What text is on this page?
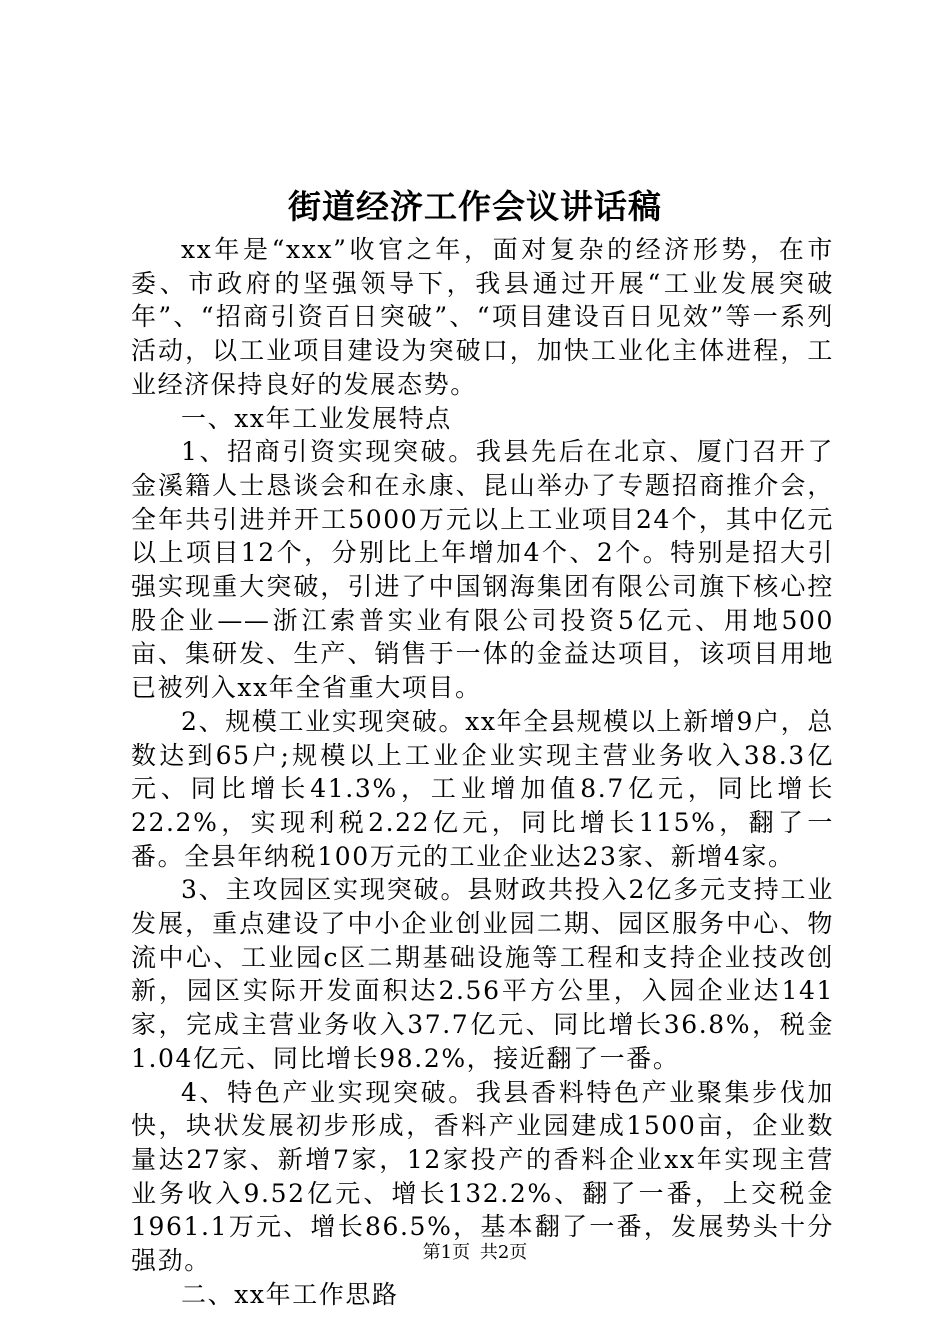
街道经济工作会议讲话稿

xx年是“xxx”收官之年，面对复杂的经济形势，在市委、市政府的坚强领导下，我县通过开展“工业发展突破年”、“招商引资百日突破”、“项目建设百日见效”等一系列活动，以工业项目建设为突破口，加快工业化主体进程，工业经济保持良好的发展态势。

一、xx年工业发展特点

1、招商引资实现突破。我县先后在北京、厦门召开了金溪籍人士恳谈会和在永康、昆山举办了专题招商推介会，全年共引进并开工5000万元以上工业项目24个，其中亿元以上项目12个，分别比上年增加4个、2个。特别是招大引强实现重大突破，引进了中国钢海集团有限公司旗下核心控股企业——浙江索普实业有限公司投资5亿元、用地500亩、集研发、生产、销售于一体的金益达项目，该项目用地已被列入xx年全省重大项目。

2、规模工业实现突破。xx年全县规模以上新增9户，总数达到65户;规模以上工业企业实现主营业务收入38.3亿元、同比增长41.3%，工业增加值8.7亿元，同比增长22.2%，实现利税2.22亿元，同比增长115%，翻了一番。全县年纳税100万元的工业企业达23家、新增4家。

3、主攻园区实现突破。县财政共投入2亿多元支持工业发展，重点建设了中小企业创业园二期、园区服务中心、物流中心、工业园c区二期基础设施等工程和支持企业技改创新，园区实际开发面积达2.56平方公里，入园企业达141家，完成主营业务收入37.7亿元、同比增长36.8%，税金1.04亿元、同比增长98.2%，接近翻了一番。

4、特色产业实现突破。我县香料特色产业聚集步伐加快，块状发展初步形成，香料产业园建成1500亩，企业数量达27家、新增7家，12家投产的香料企业xx年实现主营业务收入9.52亿元、增长132.2%、翻了一番，上交税金1961.1万元、增长86.5%，基本翻了一番，发展势头十分强劲。

二、xx年工作思路

第1页 共2页
